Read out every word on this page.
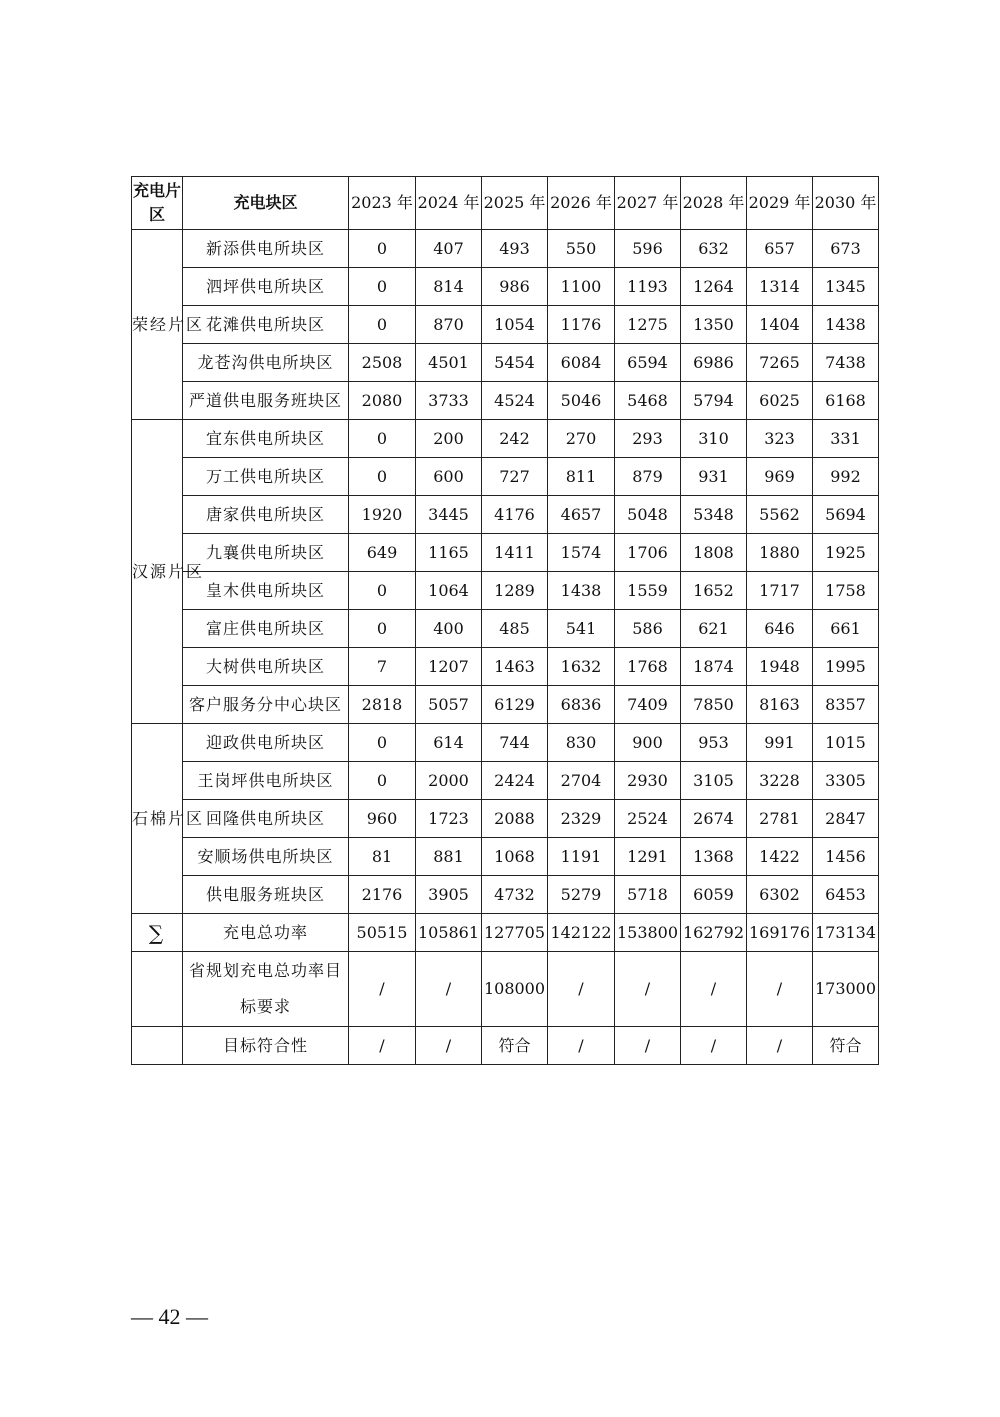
充电片区	充电块区	2023 年	2024 年	2025 年	2026 年	2027 年	2028 年	2029 年	2030 年
荣经片区	新添供电所块区	0	407	493	550	596	632	657	673
	泗坪供电所块区	0	814	986	1100	1193	1264	1314	1345
	花滩供电所块区	0	870	1054	1176	1275	1350	1404	1438
	龙苍沟供电所块区	2508	4501	5454	6084	6594	6986	7265	7438
	严道供电服务班块区	2080	3733	4524	5046	5468	5794	6025	6168
汉源片区	宜东供电所块区	0	200	242	270	293	310	323	331
	万工供电所块区	0	600	727	811	879	931	969	992
	唐家供电所块区	1920	3445	4176	4657	5048	5348	5562	5694
	九襄供电所块区	649	1165	1411	1574	1706	1808	1880	1925
	皇木供电所块区	0	1064	1289	1438	1559	1652	1717	1758
	富庄供电所块区	0	400	485	541	586	621	646	661
	大树供电所块区	7	1207	1463	1632	1768	1874	1948	1995
	客户服务分中心块区	2818	5057	6129	6836	7409	7850	8163	8357
石棉片区	迎政供电所块区	0	614	744	830	900	953	991	1015
	王岗坪供电所块区	0	2000	2424	2704	2930	3105	3228	3305
	回隆供电所块区	960	1723	2088	2329	2524	2674	2781	2847
	安顺场供电所块区	81	881	1068	1191	1291	1368	1422	1456
	供电服务班块区	2176	3905	4732	5279	5718	6059	6302	6453
∑	充电总功率	50515	105861	127705	142122	153800	162792	169176	173134
	省规划充电总功率目标要求	/	/	108000	/	/	/	/	173000
	目标符合性	/	/	符合	/	/	/	/	符合
— 42 —
